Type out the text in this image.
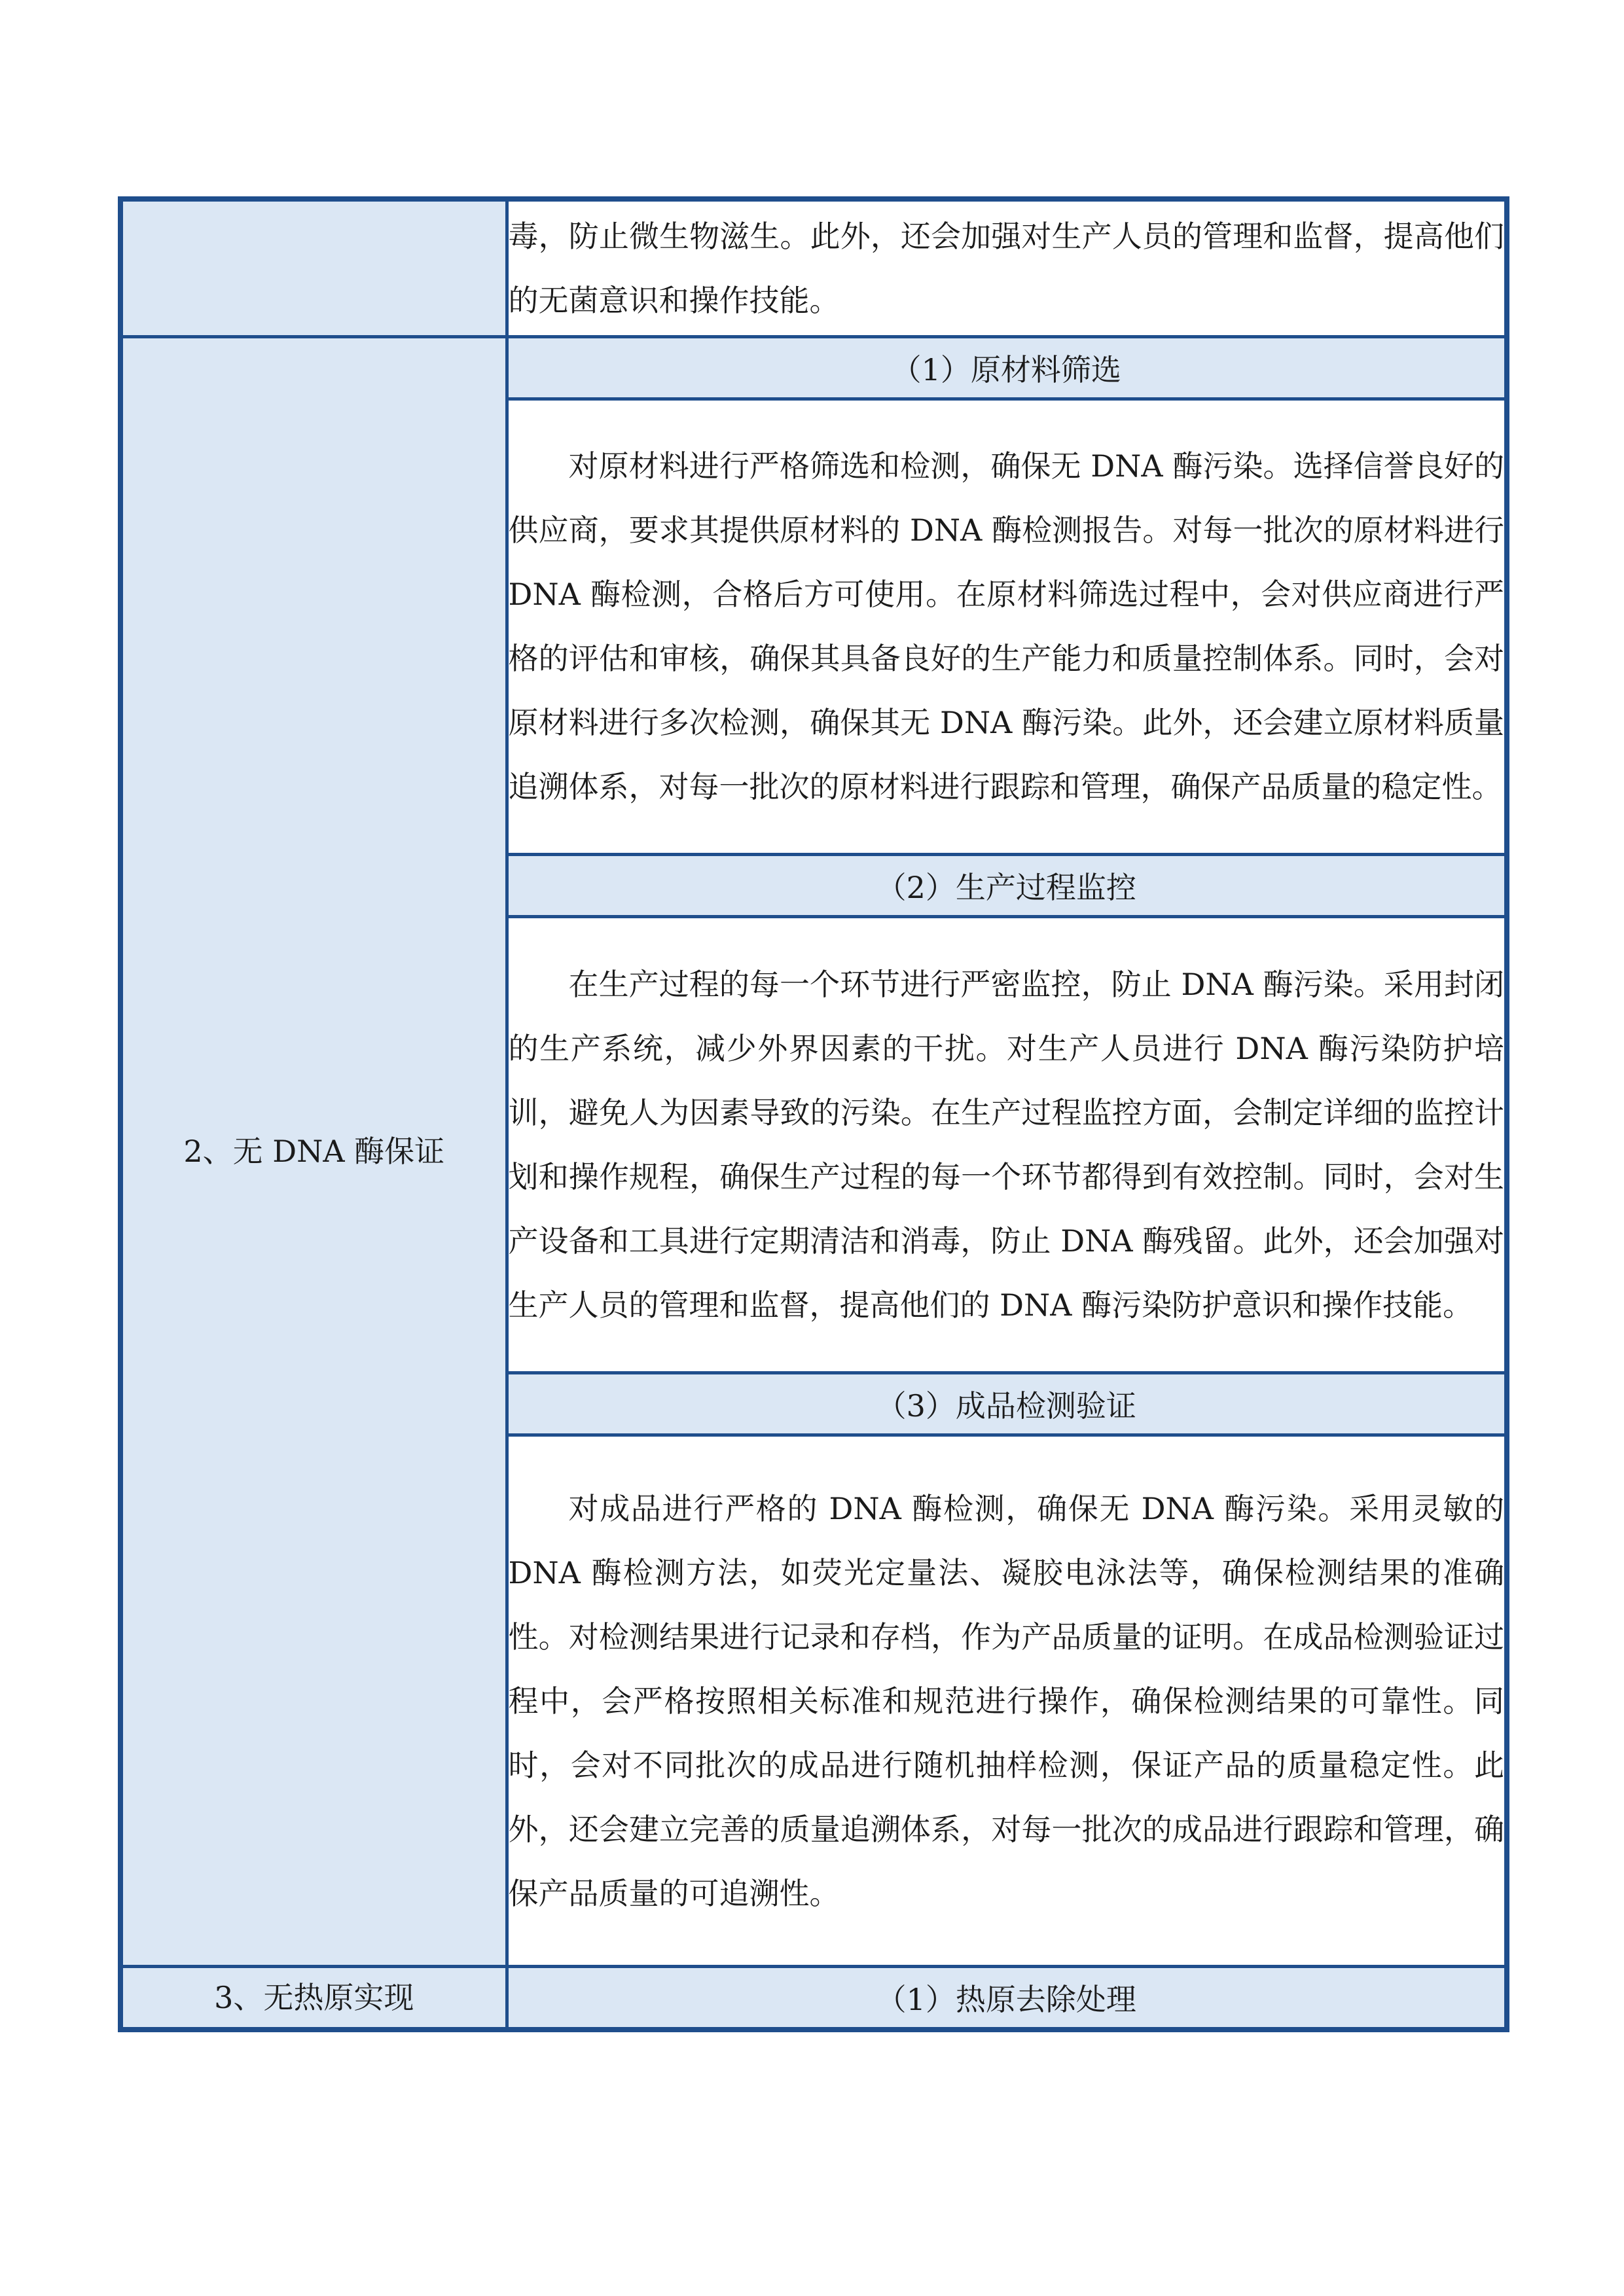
	毒，防止微生物滋生。此外，还会加强对生产人员的管理和监督，提高他们的无菌意识和操作技能。

2、无 DNA 酶保证	（1）原材料筛选

	对原材料进行严格筛选和检测，确保无 DNA 酶污染。选择信誉良好的供应商，要求其提供原材料的 DNA 酶检测报告。对每一批次的原材料进行 DNA 酶检测，合格后方可使用。在原材料筛选过程中，会对供应商进行严格的评估和审核，确保其具备良好的生产能力和质量控制体系。同时，会对原材料进行多次检测，确保其无 DNA 酶污染。此外，还会建立原材料质量追溯体系，对每一批次的原材料进行跟踪和管理，确保产品质量的稳定性。

	（2）生产过程监控

	在生产过程的每一个环节进行严密监控，防止 DNA 酶污染。采用封闭的生产系统，减少外界因素的干扰。对生产人员进行 DNA 酶污染防护培训，避免人为因素导致的污染。在生产过程监控方面，会制定详细的监控计划和操作规程，确保生产过程的每一个环节都得到有效控制。同时，会对生产设备和工具进行定期清洁和消毒，防止 DNA 酶残留。此外，还会加强对生产人员的管理和监督，提高他们的 DNA 酶污染防护意识和操作技能。

	（3）成品检测验证

	对成品进行严格的 DNA 酶检测，确保无 DNA 酶污染。采用灵敏的 DNA 酶检测方法，如荧光定量法、凝胶电泳法等，确保检测结果的准确性。对检测结果进行记录和存档，作为产品质量的证明。在成品检测验证过程中，会严格按照相关标准和规范进行操作，确保检测结果的可靠性。同时，会对不同批次的成品进行随机抽样检测，保证产品的质量稳定性。此外，还会建立完善的质量追溯体系，对每一批次的成品进行跟踪和管理，确保产品质量的可追溯性。

3、无热原实现	（1）热原去除处理
